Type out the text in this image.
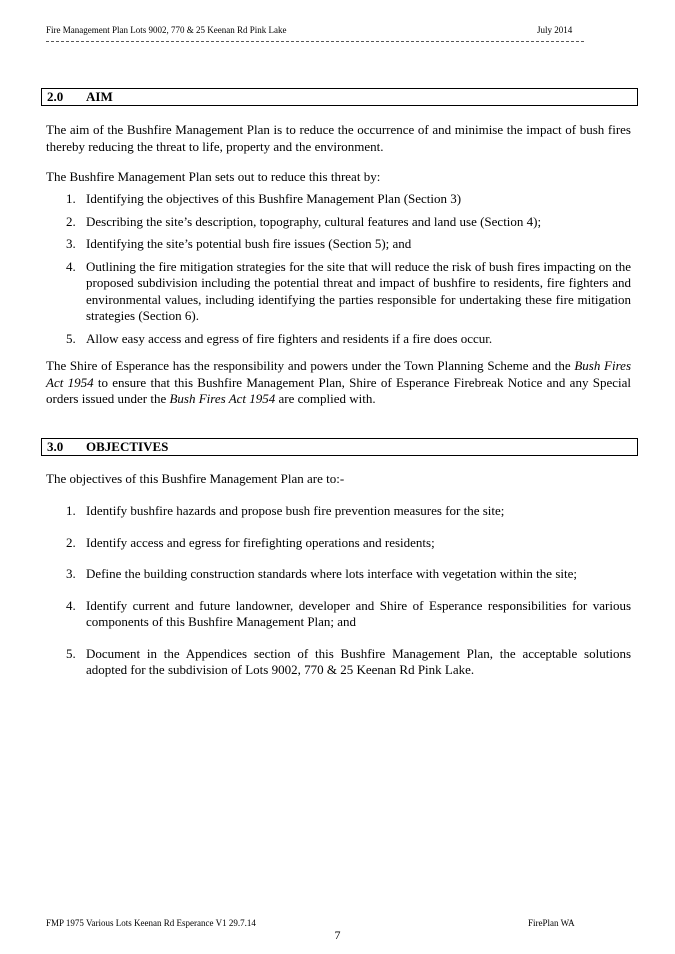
Fire Management Plan Lots 9002, 770 & 25 Keenan Rd Pink Lake	July 2014
2.0 AIM
The aim of the Bushfire Management Plan is to reduce the occurrence of and minimise the impact of bush fires thereby reducing the threat to life, property and the environment.
The Bushfire Management Plan sets out to reduce this threat by:
1. Identifying the objectives of this Bushfire Management Plan (Section 3)
2. Describing the site’s description, topography, cultural features and land use (Section 4);
3. Identifying the site’s potential bush fire issues (Section 5); and
4. Outlining the fire mitigation strategies for the site that will reduce the risk of bush fires impacting on the proposed subdivision including the potential threat and impact of bushfire to residents, fire fighters and environmental values, including identifying the parties responsible for undertaking these fire mitigation strategies (Section 6).
5. Allow easy access and egress of fire fighters and residents if a fire does occur.
The Shire of Esperance has the responsibility and powers under the Town Planning Scheme and the Bush Fires Act 1954 to ensure that this Bushfire Management Plan, Shire of Esperance Firebreak Notice and any Special orders issued under the Bush Fires Act 1954 are complied with.
3.0 OBJECTIVES
The objectives of this Bushfire Management Plan are to:-
1. Identify bushfire hazards and propose bush fire prevention measures for the site;
2. Identify access and egress for firefighting operations and residents;
3. Define the building construction standards where lots interface with vegetation within the site;
4. Identify current and future landowner, developer and Shire of Esperance responsibilities for various components of this Bushfire Management Plan; and
5. Document in the Appendices section of this Bushfire Management Plan, the acceptable solutions adopted for the subdivision of Lots 9002, 770 & 25 Keenan Rd Pink Lake.
FMP 1975 Various Lots Keenan Rd Esperance V1 29.7.14	FirePlan WA
7
